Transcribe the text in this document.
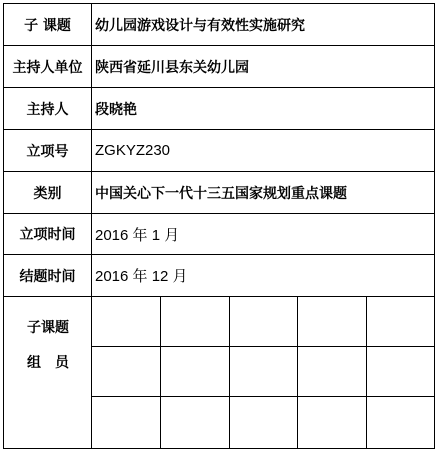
子 课题	幼儿园游戏设计与有效性实施研究
主持人单位 陕西省延川县东关幼儿园
主持人	段晓艳
立项号	ZGKYZ230
类别	中国关心下一代十三五国家规划重点课题
立项时间	2016 年 1 月
结题时间	2016 年 12 月
子课题
组　员
